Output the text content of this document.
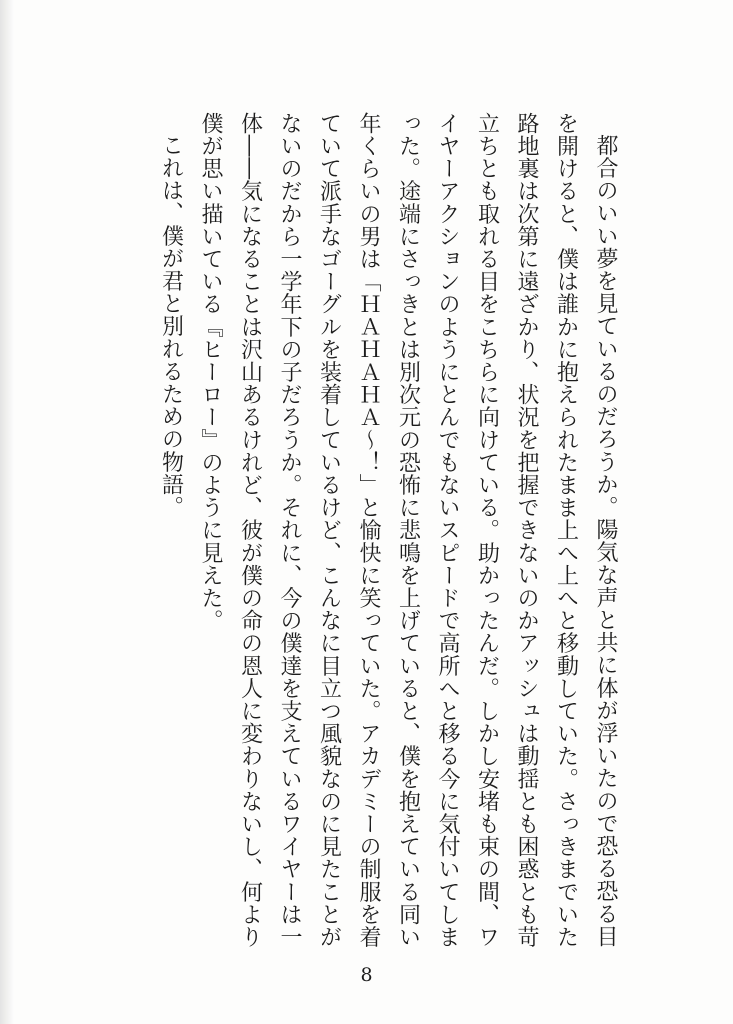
都合のいい夢を見ているのだろうか。陽気な声と共に体が浮いたので恐る恐る目を開けると、僕は誰かに抱えられたまま上へ上へと移動していた。さっきまでいた路地裏は次第に遠ざかり、状況を把握できないのかアッシュは動揺とも困惑とも苛立ちとも取れる目をこちらに向けている。助かったんだ。しかし安堵も束の間、ワイヤーアクションのようにとんでもないスピードで高所へと移る今に気付いてしまった。途端にさっきとは別次元の恐怖に悲鳴を上げていると、僕を抱えている同い年くらいの男は「ＨＡＨＡＨＡ～！」と愉快に笑っていた。アカデミーの制服を着ていて派手なゴーグルを装着しているけど、こんなに目立つ風貌なのに見たことがないのだから一学年下の子だろうか。それに、今の僕達を支えているワイヤーは一体――気になることは沢山あるけれど、彼が僕の命の恩人に変わりないし、何より僕が思い描いている『ヒーロー』のように見えた。

これは、僕が君と別れるための物語。

8
